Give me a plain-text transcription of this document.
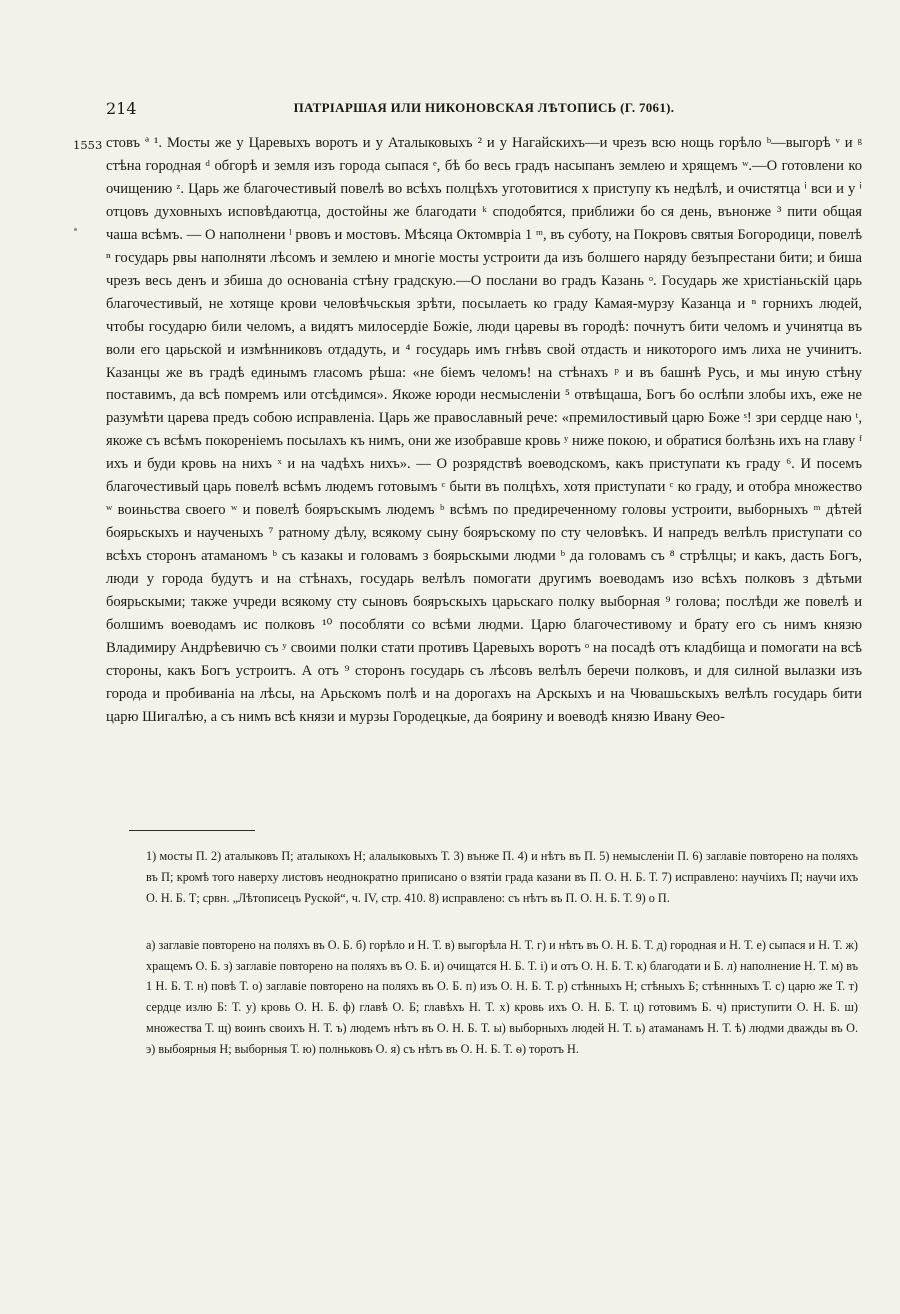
214	ПАТРІАРШАЯ ИЛИ НИКОНОВСКАЯ ЛѢТОПИСЬ (Г. 7061).
1553 стовъ ª ¹. Мосты же у Царевыхъ воротъ и у Аталыковыхъ ² и у Нагайскихъ—и чрезъ всю нощь горѣло ᵇ—выгорѣ ᵛ и ᵍ стѣна городная ᵈ обгорѣ и земля изъ города сыпася ᵉ, бѣ бо весь градъ насыпанъ землею и хрящемъ ʷ.—О готовлени ко очищению ᶻ. Царь же благочестивый повелѣ во всѣхъ полцѣхъ уготовитися х приступу къ недѣлѣ, и очистятца ⁱ вси и у ⁱ отцовъ духовныхъ исповѣдаютца, достойны же благодати ᵏ сподобятся, приближи бо ся день, вънонже ³ пити общая чаша всѣмъ. — О наполнени ˡ рвовъ и мостовъ. Мѣсяца Октомвріа 1 ᵐ, въ суботу, на Покровъ святыя Богородици, повелѣ ⁿ государь рвы наполняти лѣсомъ и землею и многіе мосты устроити да изъ болшего наряду безъпрестани бити; и биша чрезъ весь денъ и збиша до основаніа стѣну градскую.—О послани во градъ Казань ᵒ. Государь же христіаньскій царь благочестивый, не хотяще крови человѣчьскыя зрѣти, посылаеть ко граду Камая-мурзу Казанца и ⁿ горнихъ людей, чтобы государю били челомъ, а видятъ милосердіе Божіе, люди царевы въ городѣ: почнутъ бити челомъ и учинятца въ воли его царьской и измѣнниковъ отдадуть, и ⁴ государь имъ гнѣвъ свой отдасть и никоторого имъ лиха не учинитъ. Казанцы же въ градѣ единымъ гласомъ рѣша: «не біемъ челомъ! на стѣнахъ ᵖ и въ башнѣ Русь, и мы иную стѣну поставимъ, да всѣ помремъ или отсѣдимся». Якоже юроди несмысленіи ⁵ отвѣщаша, Богъ бо ослѣпи злобы ихъ, еже не разумѣти царева предъ собою исправленіа. Царь же православный рече: «премилостивый царю Боже ˢ! зри сердце наю ᵗ, якоже съ всѣмъ покореніемъ посылахъ къ нимъ, они же изобравше кровь ʸ ниже покою, и обратися болѣзнь ихъ на главу ᶠ ихъ и буди кровь на нихъ ˣ и на чадѣхъ нихъ». — О розрядствѣ воеводскомъ, какъ приступати къ граду ⁶. И посемъ благочестивый царь повелѣ всѣмъ людемъ готовымъ ᶜ быти въ полцѣхъ, хотя приступати ᶜ ко граду, и отобра множество ʷ воиньства своего ʷ и повелѣ бояръскымъ людемъ ᵇ всѣмъ по предиреченному головы устроити, выборныхъ ᵐ дѣтей боярьскыхъ и наученыхъ ⁷ ратному дѣлу, всякому сыну бояръскому по сту человѣкъ. И напредъ велѣлъ приступати со всѣхъ сторонъ атаманомъ ᵇ съ казакы и головамъ з боярьскыми людми ᵇ да головамъ съ ⁸ стрѣлцы; и какъ, дасть Богъ, люди у города будутъ и на стѣнахъ, государь велѣлъ помогати другимъ воеводамъ изо всѣхъ полковъ з дѣтьми боярьскыми; также учреди всякому сту сыновъ бояръскыхъ царьскаго полку выборная ⁹ голова; послѣди же повелѣ и болшимъ воеводамъ ис полковъ ¹⁰ пособляти со всѣми людми. Царю благочестивому и брату его съ нимъ князю Владимиру Андрѣевичю съ ʸ своими полки стати противъ Царевыхъ воротъ ᵒ на посадѣ отъ кладбища и помогати на всѣ стороны, какъ Богъ устроитъ. А отъ ⁹ сторонъ государь съ лѣсовъ велѣлъ беречи полковъ, и для силной вылазки изъ города и пробиваніа на лѣсы, на Арьскомъ полѣ и на дорогахъ на Арскыхъ и на Чювашьскыхъ велѣлъ государь бити царю Шигалѣю, а съ нимъ всѣ князи и мурзы Городецкые, да боярину и воеводѣ князю Ивану Ѳео-

1) мосты П. 2) аталыковъ П; аталыкохъ Н; алалыковыхъ Т. 3) вънже П. 4) и нѣтъ въ П. 5) немысленіи П. 6) заглавіе повторено на поляхъ въ П; кромѣ того наверху листовъ неоднократно приписано о взятіи града казани въ П. О. Н. Б. Т. 7) исправлено: научіихъ П; научи ихъ О. Н. Б. Т; срвн. „Лѣтописецъ Руской“, ч. IV, стр. 410. 8) исправлено: съ нѣтъ въ П. О. Н. Б. Т. 9) о П.

а) заглавіе повторено на поляхъ въ О. Б. б) горѣло и Н. Т. в) выгорѣла Н. Т. г) и нѣтъ въ О. Н. Б. Т. д) городная и Н. Т. е) сыпася и Н. Т. ж) хращемъ О. Б. з) заглавіе повторено на поляхъ въ О. Б. и) очищатся Н. Б. Т. і) и отъ О. Н. Б. Т. к) благодати и Б. л) наполнение Н. Т. м) въ 1 Н. Б. Т. н) повѣ Т. о) заглавіе повторено на поляхъ въ О. Б. п) изъ О. Н. Б. Т. р) стѣнныхъ Н; стѣныхъ Б; стѣннныхъ Т. с) царю же Т. т) сердце излю Б: Т. у) кровь О. Н. Б. ф) главѣ О. Б; главѣхъ Н. Т. х) кровь ихъ О. Н. Б. Т. ц) готовимъ Б. ч) приступити О. Н. Б. ш) множества Т. щ) воинъ своихъ Н. Т. ъ) людемъ нѣтъ въ О. Н. Б. Т. ы) выборныхъ людей Н. Т. ь) атаманамъ Н. Т. ѣ) людми дважды въ О. э) выбоярныя Н; выборныя Т. ю) полньковъ О. я) съ нѣтъ въ О. Н. Б. Т. ѳ) торотъ Н.
